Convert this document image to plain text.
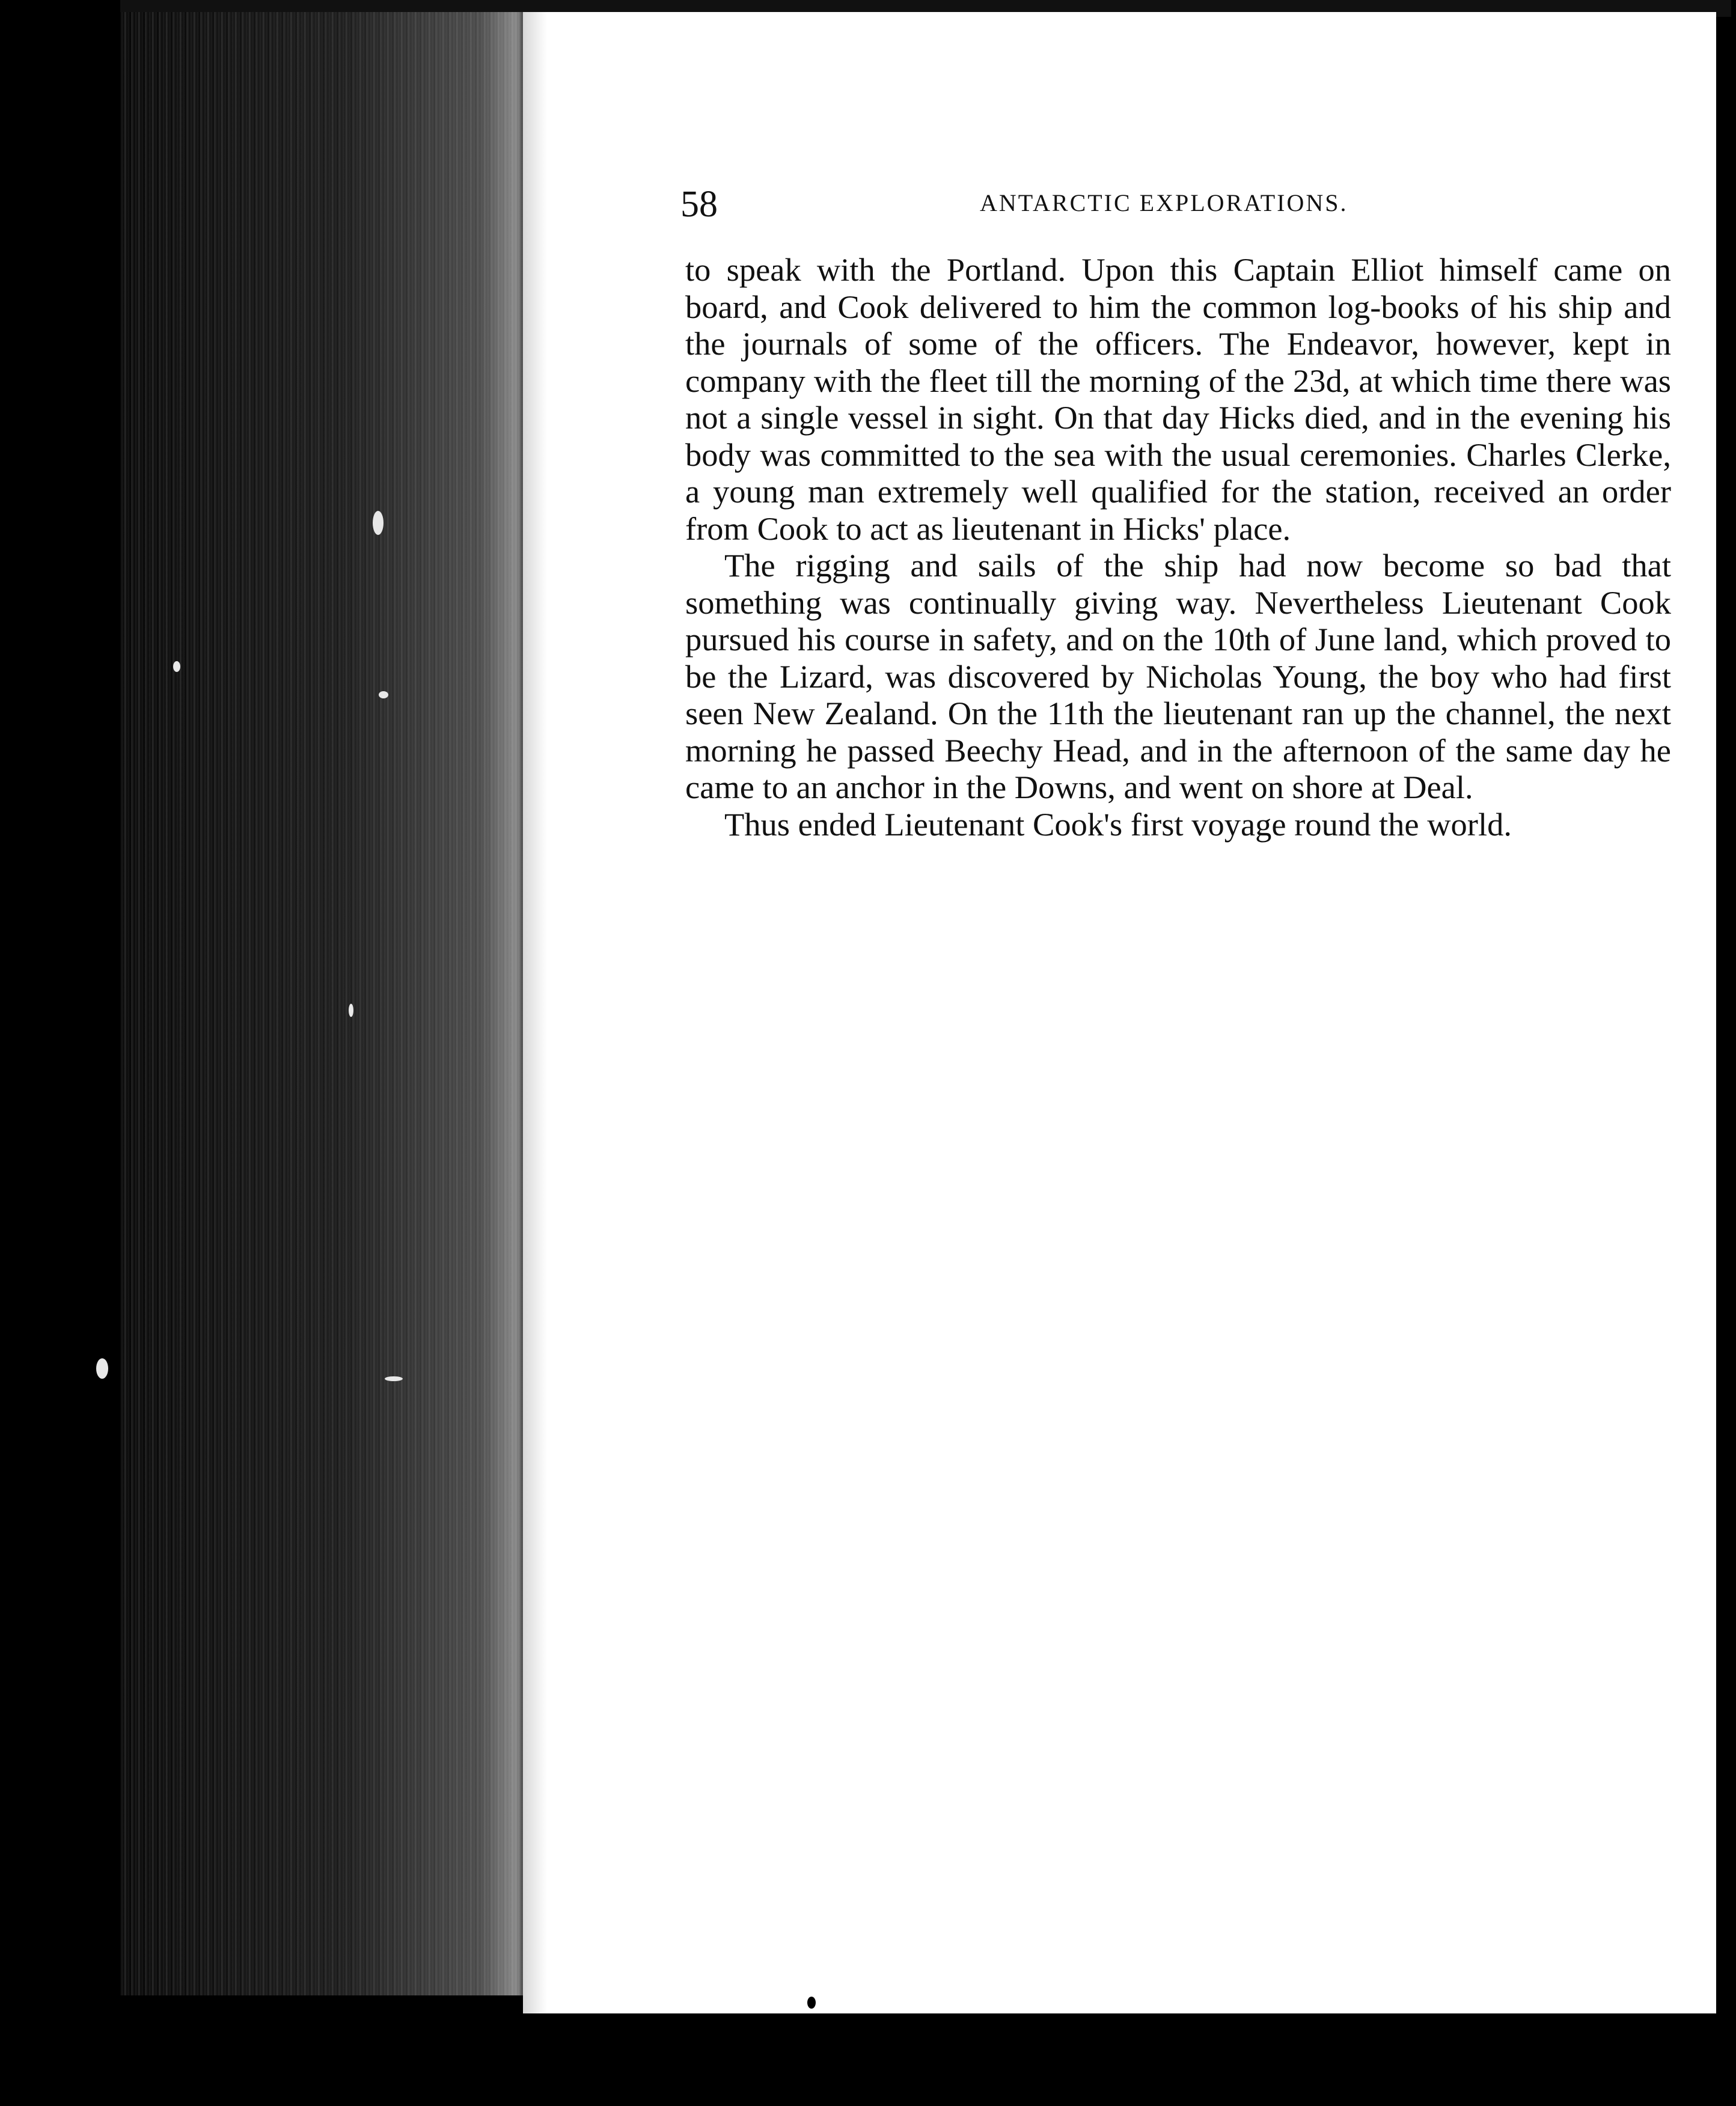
58	ANTARCTIC EXPLORATIONS.

to speak with the Portland. Upon this Captain Elliot himself came on board, and Cook delivered to him the common log-books of his ship and the journals of some of the officers. The Endeavor, however, kept in company with the fleet till the morning of the 23d, at which time there was not a single vessel in sight. On that day Hicks died, and in the evening his body was committed to the sea with the usual ceremonies. Charles Clerke, a young man extremely well qualified for the station, received an order from Cook to act as lieutenant in Hicks' place.

The rigging and sails of the ship had now become so bad that something was continually giving way. Nevertheless Lieutenant Cook pursued his course in safety, and on the 10th of June land, which proved to be the Lizard, was discovered by Nicholas Young, the boy who had first seen New Zealand. On the 11th the lieutenant ran up the channel, the next morning he passed Beechy Head, and in the afternoon of the same day he came to an anchor in the Downs, and went on shore at Deal.

Thus ended Lieutenant Cook's first voyage round the world.
